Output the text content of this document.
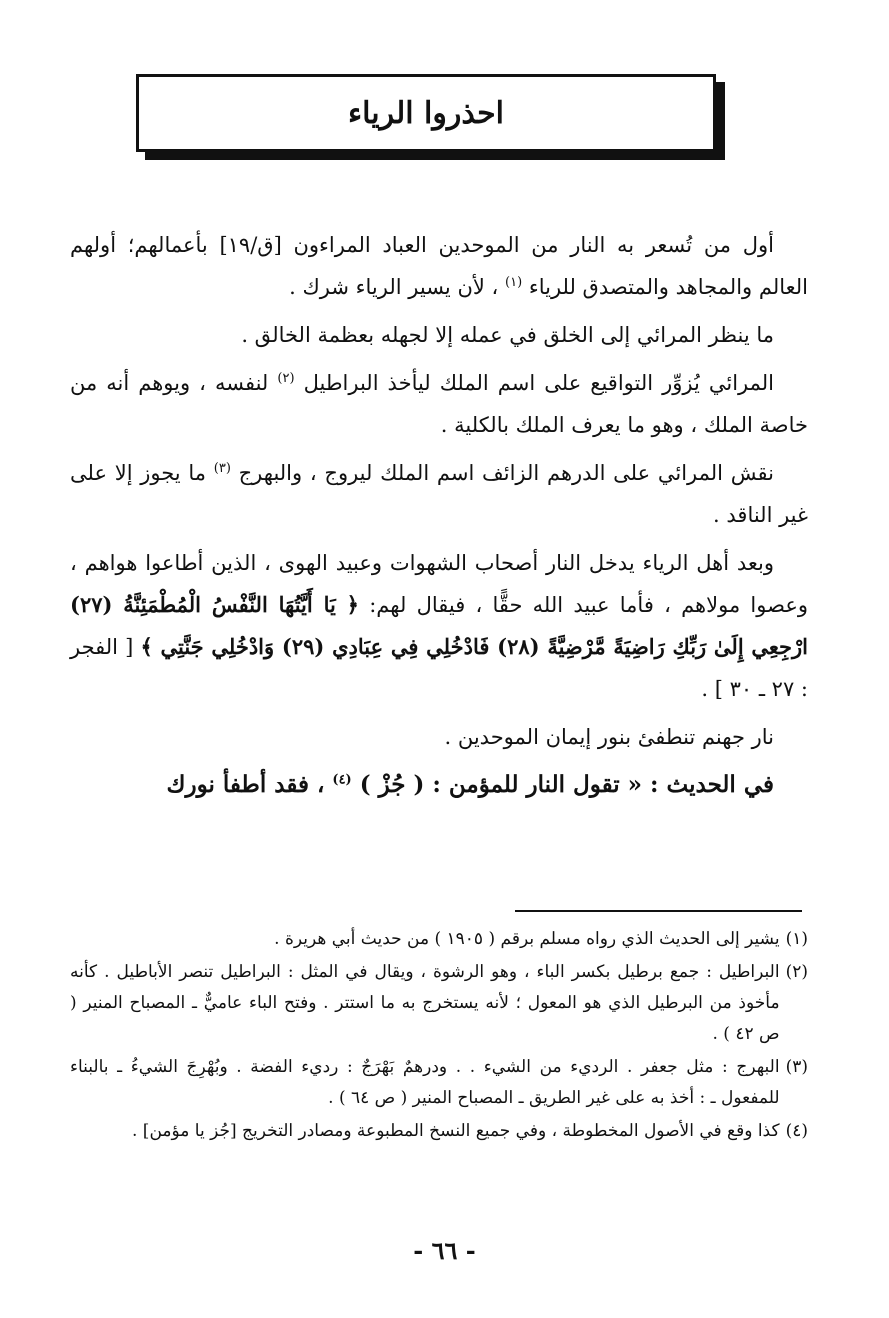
احذروا الرياء

أول من تُسعر به النار من الموحدين العباد المراءون [ق/١٩] بأعمالهم؛ أولهم العالم والمجاهد والمتصدق للرياء $^{(١)}$ ، لأن يسير الرياء شرك .

ما ينظر المرائي إلى الخلق في عمله إلا لجهله بعظمة الخالق .

المرائي يُزوِّر التواقيع على اسم الملك ليأخذ البراطيل $^{(٢)}$ لنفسه ، ويوهم أنه من خاصة الملك ، وهو ما يعرف الملك بالكلية .

نقش المرائي على الدرهم الزائف اسم الملك ليروج ، والبهرج $^{(٣)}$ ما يجوز إلا على غير الناقد .

وبعد أهل الرياء يدخل النار أصحاب الشهوات وعبيد الهوى ، الذين أطاعوا هواهم ، وعصوا مولاهم ، فأما عبيد الله حقًّا ، فيقال لهم: ﴿ يَا أَيَّتُهَا النَّفْسُ الْمُطْمَئِنَّةُ (٢٧) ارْجِعِي إِلَىٰ رَبِّكِ رَاضِيَةً مَّرْضِيَّةً (٢٨) فَادْخُلِي فِي عِبَادِي (٢٩) وَادْخُلِي جَنَّتِي ﴾ [ الفجر : ٢٧ ـ ٣٠ ] .

نار جهنم تنطفئ بنور إيمان الموحدين .

في الحديث : « تقول النار للمؤمن : ( جُزْ ) $^{(٤)}$ ، فقد أطفأ نورك

(١)
يشير إلى الحديث الذي رواه مسلم برقم ( ١٩٠٥ ) من حديث أبي هريرة .
(٢)
البراطيل : جمع برطيل بكسر الباء ، وهو الرشوة ، ويقال في المثل : البراطيل تنصر الأباطيل . كأنه مأخوذ من البرطيل الذي هو المعول ؛ لأنه يستخرج به ما استتر . وفتح الباء عاميٌّ ـ المصباح المنير ( ص ٤٢ ) .
(٣)
البهرج : مثل جعفر . الرديء من الشيء . . ودرهمٌ بَهْرَجٌ : رديء الفضة . وبُهْرِجَ الشيءُ ـ بالبناء للمفعول ـ : أخذ به على غير الطريق ـ المصباح المنير ( ص ٦٤ ) .
(٤)
كذا وقع في الأصول المخطوطة ، وفي جميع النسخ المطبوعة ومصادر التخريج [جُز يا مؤمن] .
- ٦٦ -
